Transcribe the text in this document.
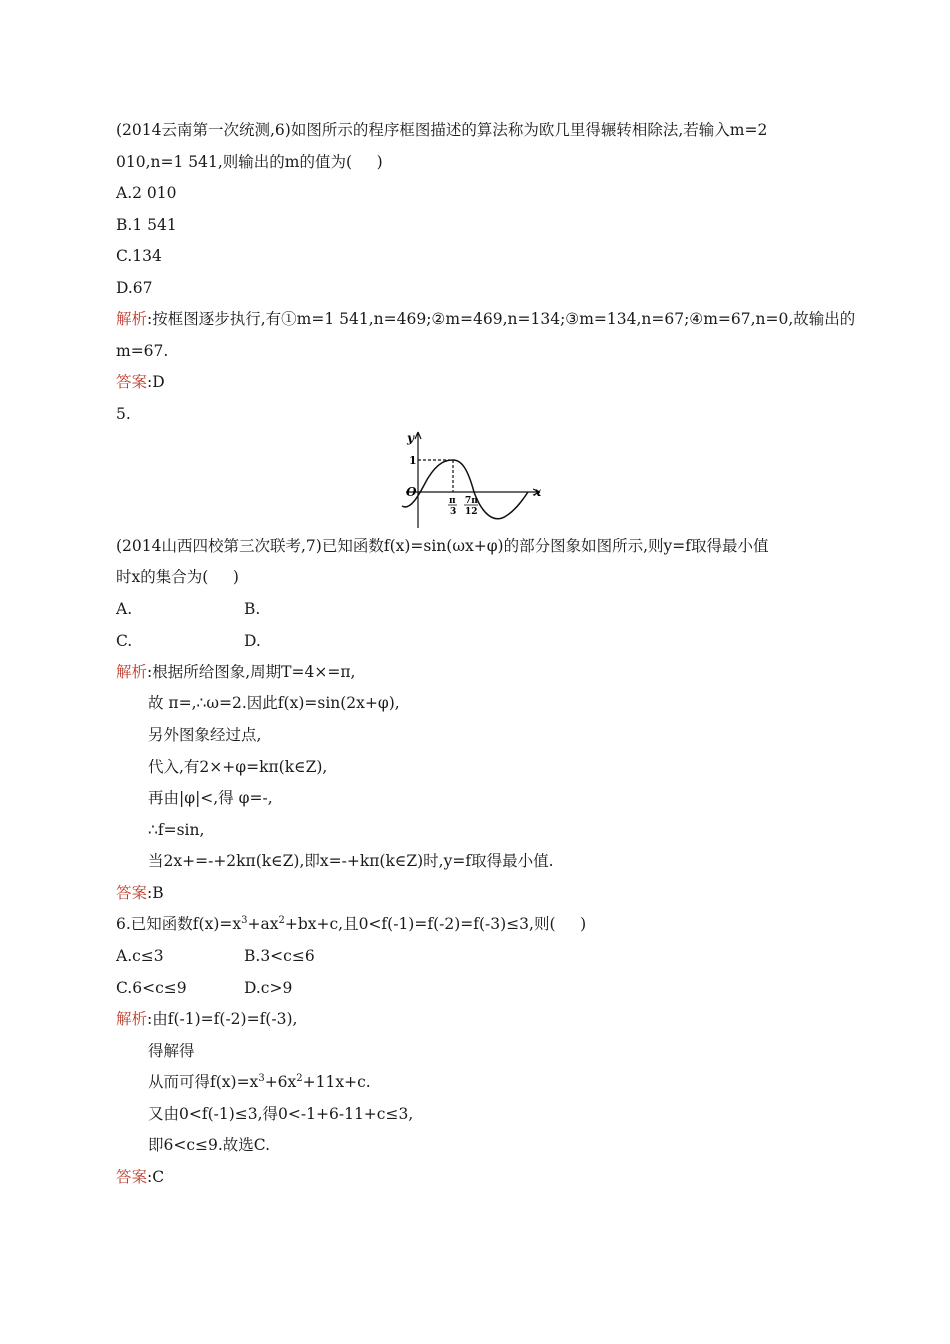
(2014云南第一次统测,6)如图所示的程序框图描述的算法称为欧几里得辗转相除法,若输入m=2
010,n=1 541,则输出的m的值为(     )
A.2 010
B.1 541
C.134
D.67
解析:按框图逐步执行,有①m=1 541,n=469;②m=469,n=134;③m=134,n=67;④m=67,n=0,故输出的
m=67.
答案:D
5.
y
x
O
1
π
3
7π
12
(2014山西四校第三次联考,7)已知函数f(x)=sin(ωx+φ)的部分图象如图所示,则y=f取得最小值
时x的集合为(     )
A.	B.
C.	D.
解析:根据所给图象,周期T=4×=π,
故 π=,∴ω=2.因此f(x)=sin(2x+φ),
另外图象经过点,
代入,有2×+φ=kπ(k∈Z),
再由|φ|<,得 φ=-,
∴f=sin,
当2x+=-+2kπ(k∈Z),即x=-+kπ(k∈Z)时,y=f取得最小值.
答案:B
6.已知函数$f(x)=x^3+ax^2+bx+c$,且0<f(-1)=f(-2)=f(-3)≤3,则(     )
A.c≤3	B.3<c≤6
C.6<c≤9	D.c>9
解析:由f(-1)=f(-2)=f(-3),
得解得
从而可得$f(x)=x^3+6x^2+11x+c$.
又由0<f(-1)≤3,得0<-1+6-11+c≤3,
即6<c≤9.故选C.
答案:C
